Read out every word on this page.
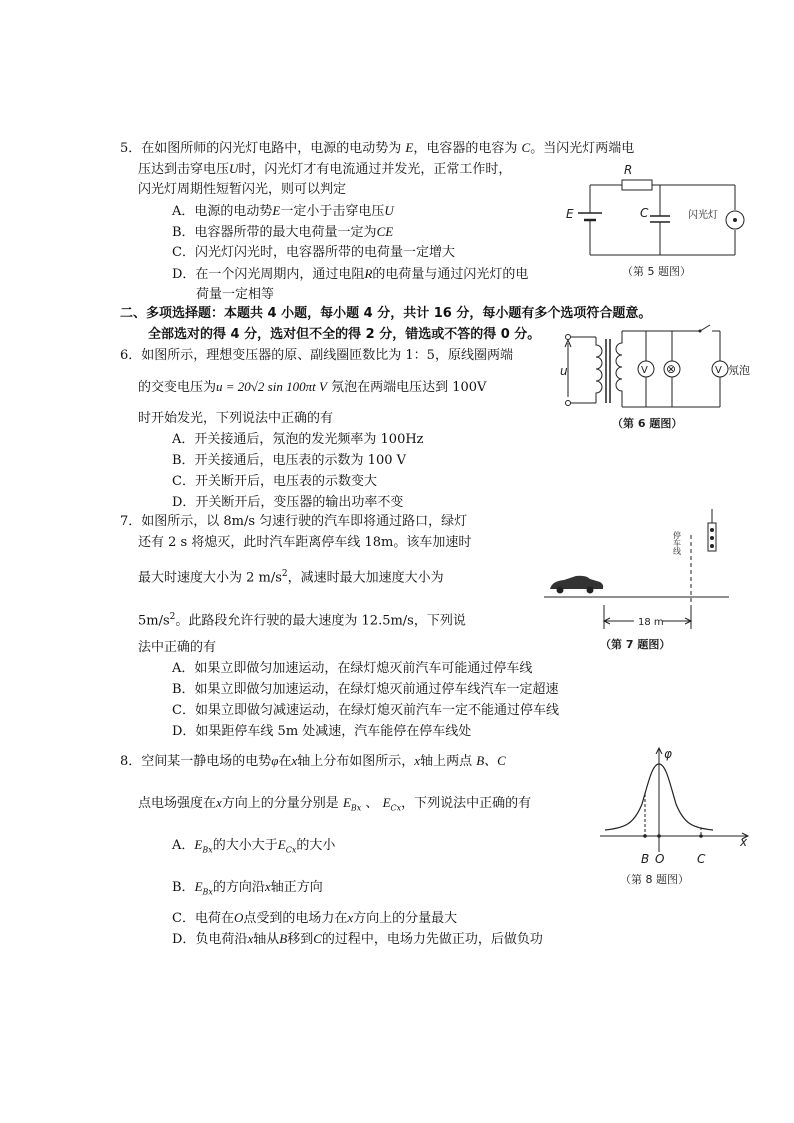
5．在如图所师的闪光灯电路中，电源的电动势为 E，电容器的电容为 C。当闪光灯两端电
压达到击穿电压U时，闪光灯才有电流通过并发光，正常工作时，
闪光灯周期性短暂闪光，则可以判定
A．电源的电动势E一定小于击穿电压U
B．电容器所带的最大电荷量一定为CE
C．闪光灯闪光时，电容器所带的电荷量一定增大
D．在一个闪光周期内，通过电阻R的电荷量与通过闪光灯的电
荷量一定相等
R
E	C	闪光灯
（第 5 题图）
二、多项选择题：本题共 4 小题，每小题 4 分，共计 16 分，每小题有多个选项符合题意。
全部选对的得 4 分，选对但不全的得 2 分，错选或不答的得 0 分。
6．如图所示，理想变压器的原、副线圈匝数比为 1：5，原线圈两端
的交变电压为u = 20√2 sin 100πt V 氖泡在两端电压达到 100V
时开始发光，下列说法中正确的有
A．开关接通后，氖泡的发光频率为 100Hz
B．开关接通后，电压表的示数为 100 V
C．开关断开后，电压表的示数变大
D．开关断开后，变压器的输出功率不变
u	V ⊗	V 氖泡
（第 6 题图）
7．如图所示，以 8m/s 匀速行驶的汽车即将通过路口，绿灯
还有 2 s 将熄灭，此时汽车距离停车线 18m。该车加速时
最大时速度大小为 2 $m/s^2$，减速时最大加速度大小为
$5m/s^2$。此路段允许行驶的最大速度为 12.5m/s，下列说
法中正确的有
A．如果立即做匀加速运动，在绿灯熄灭前汽车可能通过停车线
B．如果立即做匀加速运动，在绿灯熄灭前通过停车线汽车一定超速
C．如果立即做匀减速运动，在绿灯熄灭前汽车一定不能通过停车线
D．如果距停车线 5m 处减速，汽车能停在停车线处
停车线
18 m
（第 7 题图）
8．空间某一静电场的电势φ在x轴上分布如图所示，x轴上两点 B、C
点电场强度在x方向上的分量分别是 $E_{Bx}$ 、 $E_{Cx}$，下列说法中正确的有
A．$E_{Bx}$的大小大于$E_{Cx}$的大小
B．$E_{Bx}$的方向沿x轴正方向
C．电荷在O点受到的电场力在x方向上的分量最大
D．负电荷沿x轴从B移到C的过程中，电场力先做正功，后做负功
x
φ
B O	C
（第 8 题图）
